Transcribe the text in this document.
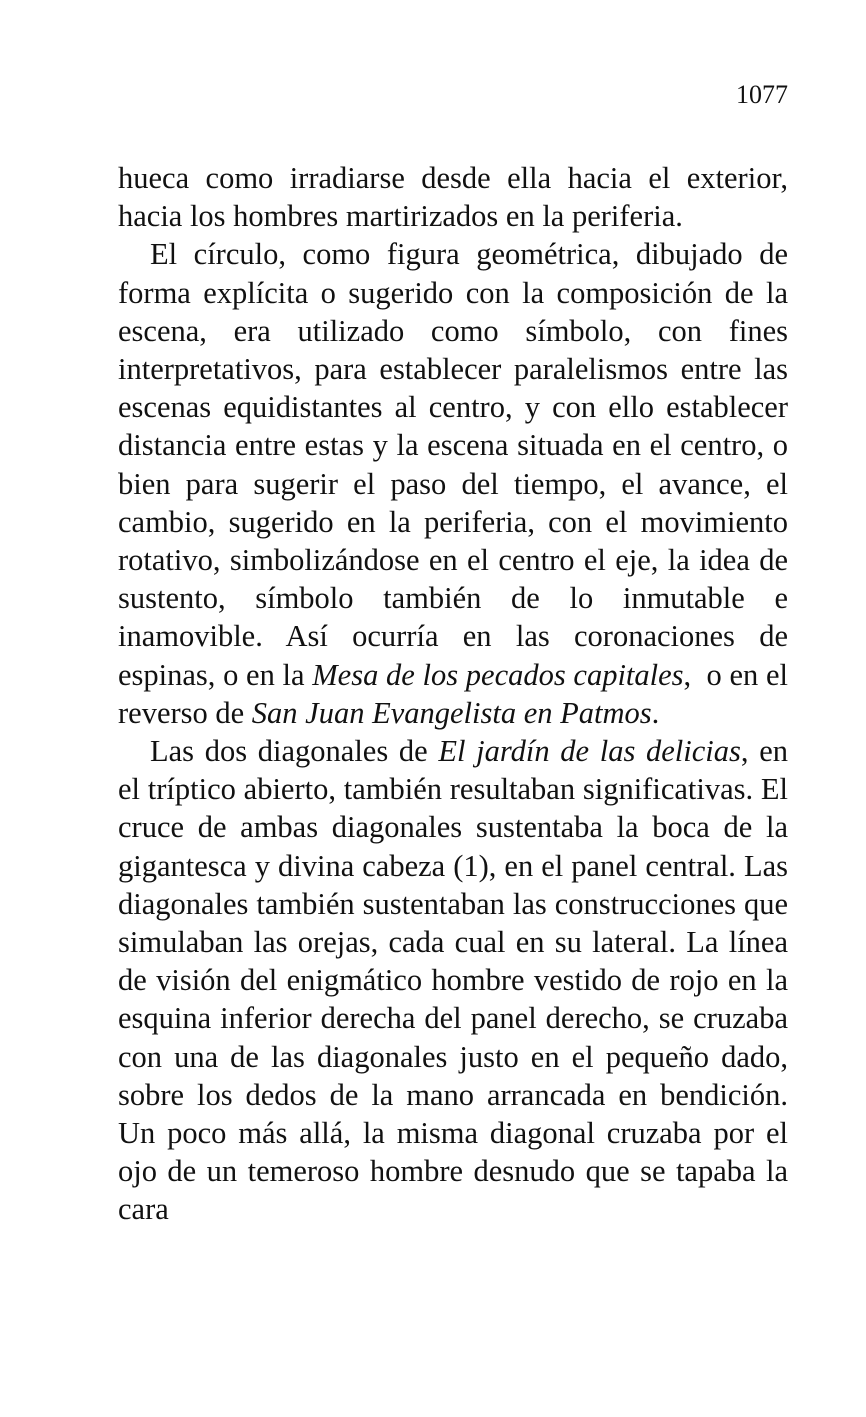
1077

hueca como irradiarse desde ella hacia el exterior, hacia los hombres martirizados en la periferia.

El círculo, como figura geométrica, dibujado de forma explícita o sugerido con la composición de la escena, era utilizado como símbolo, con fines interpretativos, para establecer paralelismos entre las escenas equidistantes al centro, y con ello establecer distancia entre estas y la escena situada en el centro, o bien para sugerir el paso del tiempo, el avance, el cambio, sugerido en la periferia, con el movimiento rotativo, simbolizándose en el centro el eje, la idea de sustento, símbolo también de lo inmutable e inamovible. Así ocurría en las coronaciones de espinas, o en la Mesa de los pecados capitales,  o en el reverso de San Juan Evangelista en Patmos.

Las dos diagonales de El jardín de las delicias, en el tríptico abierto, también resultaban significativas. El cruce de ambas diagonales sustentaba la boca de la gigantesca y divina cabeza (1), en el panel central. Las diagonales también sustentaban las construcciones que simulaban las orejas, cada cual en su lateral. La línea de visión del enigmático hombre vestido de rojo en la esquina inferior derecha del panel derecho, se cruzaba con una de las diagonales justo en el pequeño dado, sobre los dedos de la mano arrancada en bendición. Un poco más allá, la misma diagonal cruzaba por el ojo de un temeroso hombre desnudo que se tapaba la cara
